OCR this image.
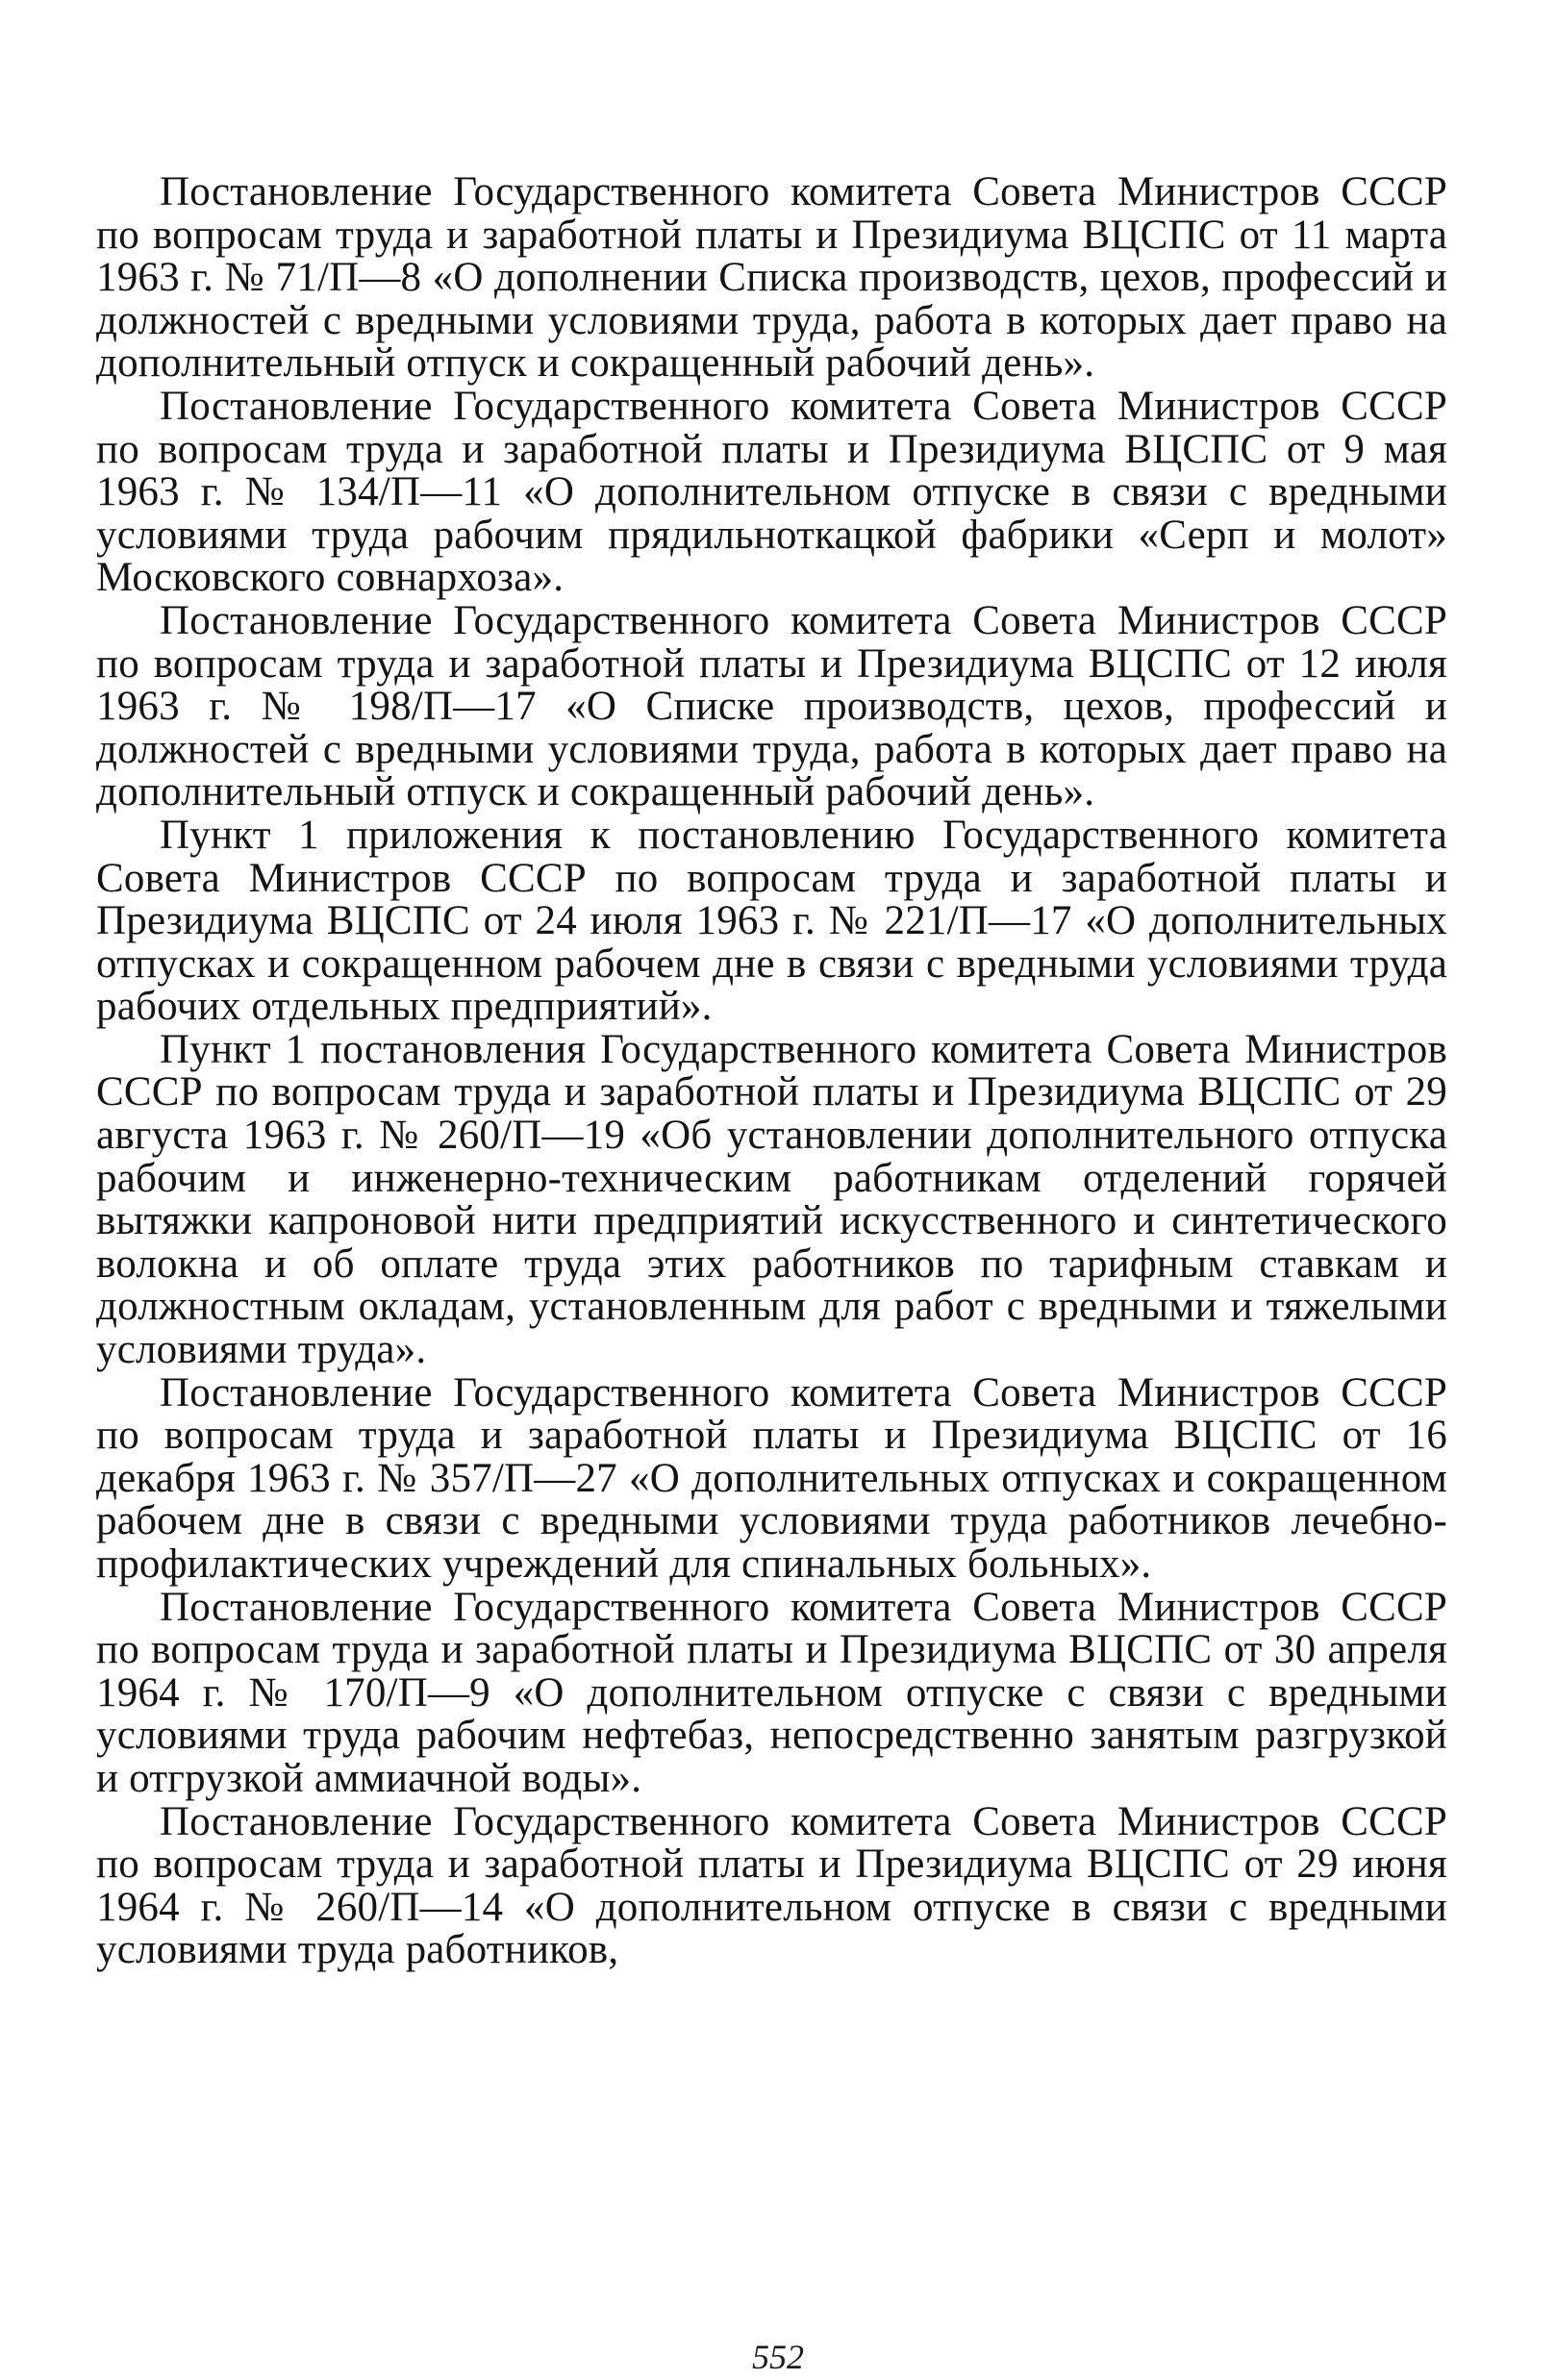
Постановление Государственного комитета Совета Министров СССР по вопросам труда и заработной платы и Президиума ВЦСПС от 11 марта 1963 г. № 71/П—8 «О дополнении Списка производств, цехов, профессий и должностей с вредными условиями труда, работа в которых дает право на дополнительный отпуск и сокращенный рабочий день».

Постановление Государственного комитета Совета Министров СССР по вопросам труда и заработной платы и Президиума ВЦСПС от 9 мая 1963 г. № 134/П—11 «О дополнительном отпуске в связи с вредными условиями труда рабочим прядильноткацкой фабрики «Серп и молот» Московского совнархоза».

Постановление Государственного комитета Совета Министров СССР по вопросам труда и заработной платы и Президиума ВЦСПС от 12 июля 1963 г. № 198/П—17 «О Списке производств, цехов, профессий и должностей с вредными условиями труда, работа в которых дает право на дополнительный отпуск и сокращенный рабочий день».

Пункт 1 приложения к постановлению Государственного комитета Совета Министров СССР по вопросам труда и заработной платы и Президиума ВЦСПС от 24 июля 1963 г. № 221/П—17 «О дополнительных отпусках и сокращенном рабочем дне в связи с вредными условиями труда рабочих отдельных предприятий».

Пункт 1 постановления Государственного комитета Совета Министров СССР по вопросам труда и заработной платы и Президиума ВЦСПС от 29 августа 1963 г. № 260/П—19 «Об установлении дополнительного отпуска рабочим и инженерно-техническим работникам отделений горячей вытяжки капроновой нити предприятий искусственного и синтетического волокна и об оплате труда этих работников по тарифным ставкам и должностным окладам, установленным для работ с вредными и тяжелыми условиями труда».

Постановление Государственного комитета Совета Министров СССР по вопросам труда и заработной платы и Президиума ВЦСПС от 16 декабря 1963 г. № 357/П—27 «О дополнительных отпусках и сокращенном рабочем дне в связи с вредными условиями труда работников лечебно-профилактических учреждений для спинальных больных».

Постановление Государственного комитета Совета Министров СССР по вопросам труда и заработной платы и Президиума ВЦСПС от 30 апреля 1964 г. № 170/П—9 «О дополнительном отпуске с связи с вредными условиями труда рабочим нефтебаз, непосредственно занятым разгрузкой и отгрузкой аммиачной воды».

Постановление Государственного комитета Совета Министров СССР по вопросам труда и заработной платы и Президиума ВЦСПС от 29 июня 1964 г. № 260/П—14 «О дополнительном отпуске в связи с вредными условиями труда работников,

552
